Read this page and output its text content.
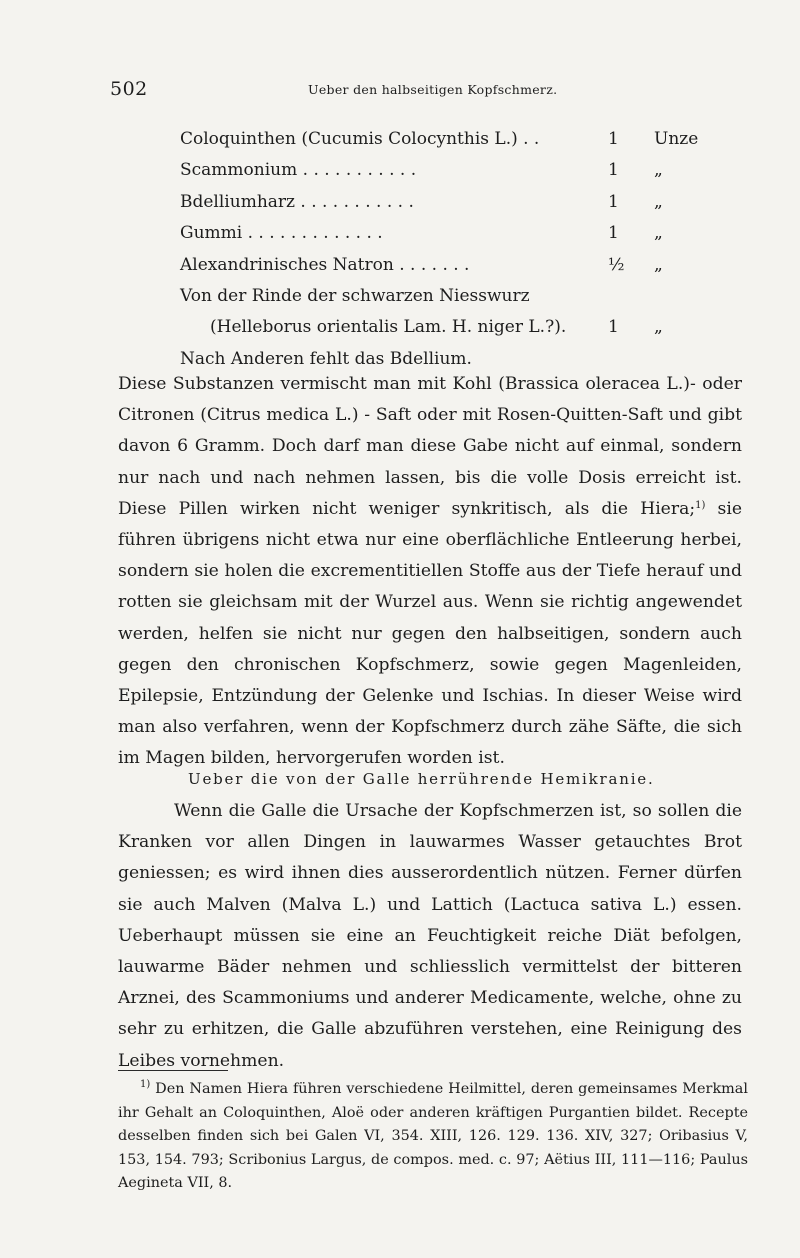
502	Ueber den halbseitigen Kopfschmerz.
Coloquinthen (Cucumis Colocynthis L.) . .	1 Unze
Scammonium . . . . . . . . . . .	1 „
Bdelliumharz . . . . . . . . . . .	1 „
Gummi . . . . . . . . . . . . .	1 „
Alexandrinisches Natron . . . . . . .	½ „
Von der Rinde der schwarzen Niesswurz
(Helleborus orientalis Lam. H. niger L.?). 1 „
Nach Anderen fehlt das Bdellium.

Diese Substanzen vermischt man mit Kohl (Brassica oleracea L.)- oder Citronen (Citrus medica L.) - Saft oder mit Rosen-Quitten-Saft und gibt davon 6 Gramm. Doch darf man diese Gabe nicht auf einmal, sondern nur nach und nach nehmen lassen, bis die volle Dosis erreicht ist. Diese Pillen wirken nicht weniger synkritisch, als die Hiera;$^{1)}$ sie führen übrigens nicht etwa nur eine oberflächliche Entleerung herbei, sondern sie holen die excrementitiellen Stoffe aus der Tiefe herauf und rotten sie gleichsam mit der Wurzel aus. Wenn sie richtig angewendet werden, helfen sie nicht nur gegen den halbseitigen, sondern auch gegen den chronischen Kopfschmerz, sowie gegen Magenleiden, Epilepsie, Entzündung der Gelenke und Ischias. In dieser Weise wird man also verfahren, wenn der Kopfschmerz durch zähe Säfte, die sich im Magen bilden, hervorgerufen worden ist.

Ueber die von der Galle herrührende Hemikranie.

Wenn die Galle die Ursache der Kopfschmerzen ist, so sollen die Kranken vor allen Dingen in lauwarmes Wasser getauchtes Brot geniessen; es wird ihnen dies ausserordentlich nützen. Ferner dürfen sie auch Malven (Malva L.) und Lattich (Lactuca sativa L.) essen. Ueberhaupt müssen sie eine an Feuchtigkeit reiche Diät befolgen, lauwarme Bäder nehmen und schliesslich vermittelst der bitteren Arznei, des Scammoniums und anderer Medicamente, welche, ohne zu sehr zu erhitzen, die Galle abzuführen verstehen, eine Reinigung des Leibes vornehmen.

$^{1)}$ Den Namen Hiera führen verschiedene Heilmittel, deren gemeinsames Merkmal ihr Gehalt an Coloquinthen, Aloë oder anderen kräftigen Purgantien bildet. Recepte desselben finden sich bei Galen VI, 354. XIII, 126. 129. 136. XIV, 327; Oribasius V, 153, 154. 793; Scribonius Largus, de compos. med. c. 97; Aëtius III, 111—116; Paulus Aegineta VII, 8.
